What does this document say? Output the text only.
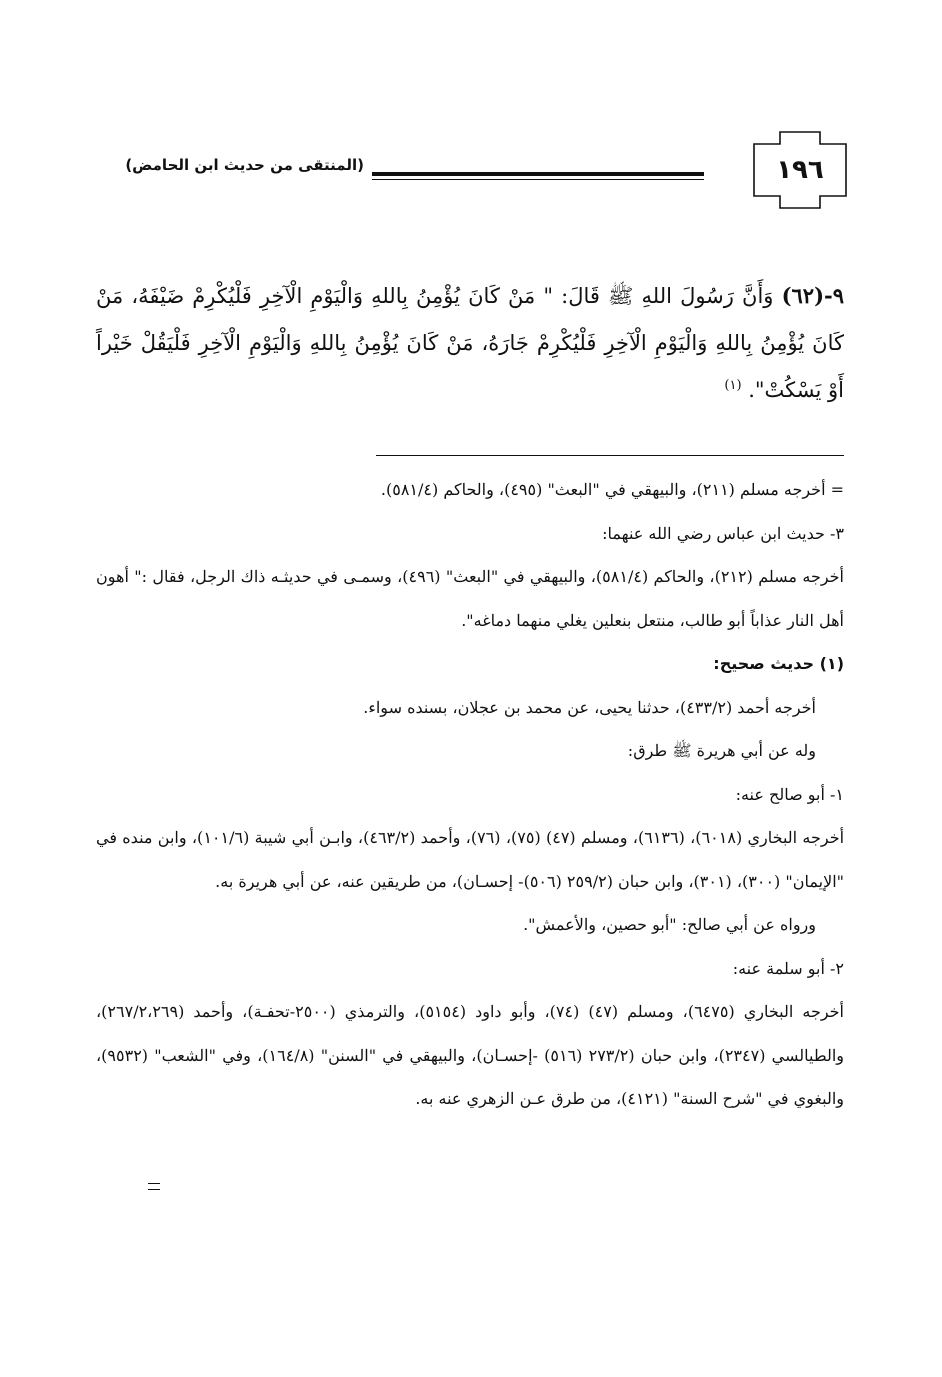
١٩٦
(المنتقى من حديث ابن الحامض)
٩-(٦٢) وَأَنَّ رَسُولَ اللهِ ﷺ قَالَ: " مَنْ كَانَ يُؤْمِنُ بِاللهِ وَالْيَوْمِ الْآخِرِ فَلْيُكْرِمْ ضَيْفَهُ، مَنْ كَانَ يُؤْمِنُ بِاللهِ وَالْيَوْمِ الْآخِرِ فَلْيُكْرِمْ جَارَهُ، مَنْ كَانَ يُؤْمِنُ بِاللهِ وَالْيَوْمِ الْآخِرِ فَلْيَقُلْ خَيْراً أَوْ يَسْكُتْ". $^{(١)}$

= أخرجه مسلم (٢١١)، والبيهقي في "البعث" (٤٩٥)، والحاكم (٥٨١/٤).

٣- حديث ابن عباس رضي الله عنهما:

أخرجه مسلم (٢١٢)، والحاكم (٥٨١/٤)، والبيهقي في "البعث" (٤٩٦)، وسمـى في حديثـه ذاك الرجل، فقال :" أهون أهل النار عذاباً أبو طالب، منتعل بنعلين يغلي منهما دماغه".

(١) حديث صحيح:

أخرجه أحمد (٤٣٣/٢)، حدثنا يحيى، عن محمد بن عجلان، بسنده سواء.

وله عن أبي هريرة ﷺ طرق:

١- أبو صالح عنه:

أخرجه البخاري (٦٠١٨)، (٦١٣٦)، ومسلم (٤٧) (٧٥)، (٧٦)، وأحمد (٤٦٣/٢)، وابـن أبي شيبة (١٠١/٦)، وابن منده في "الإيمان" (٣٠٠)، (٣٠١)، وابن حبان (٢٥٩/٢ (٥٠٦)- إحسـان)، من طريقين عنه، عن أبي هريرة به.

ورواه عن أبي صالح: "أبو حصين، والأعمش".

٢- أبو سلمة عنه:

أخرجه البخاري (٦٤٧٥)، ومسلم (٤٧) (٧٤)، وأبو داود (٥١٥٤)، والترمذي (٢٥٠٠-تحفـة)، وأحمد (٢٦٧/٢،٢٦٩)، والطيالسي (٢٣٤٧)، وابن حبان (٢٧٣/٢ (٥١٦) -إحسـان)، والبيهقي في "السنن" (١٦٤/٨)، وفي "الشعب" (٩٥٣٢)، والبغوي في "شرح السنة" (٤١٢١)، من طرق عـن الزهري عنه به.
